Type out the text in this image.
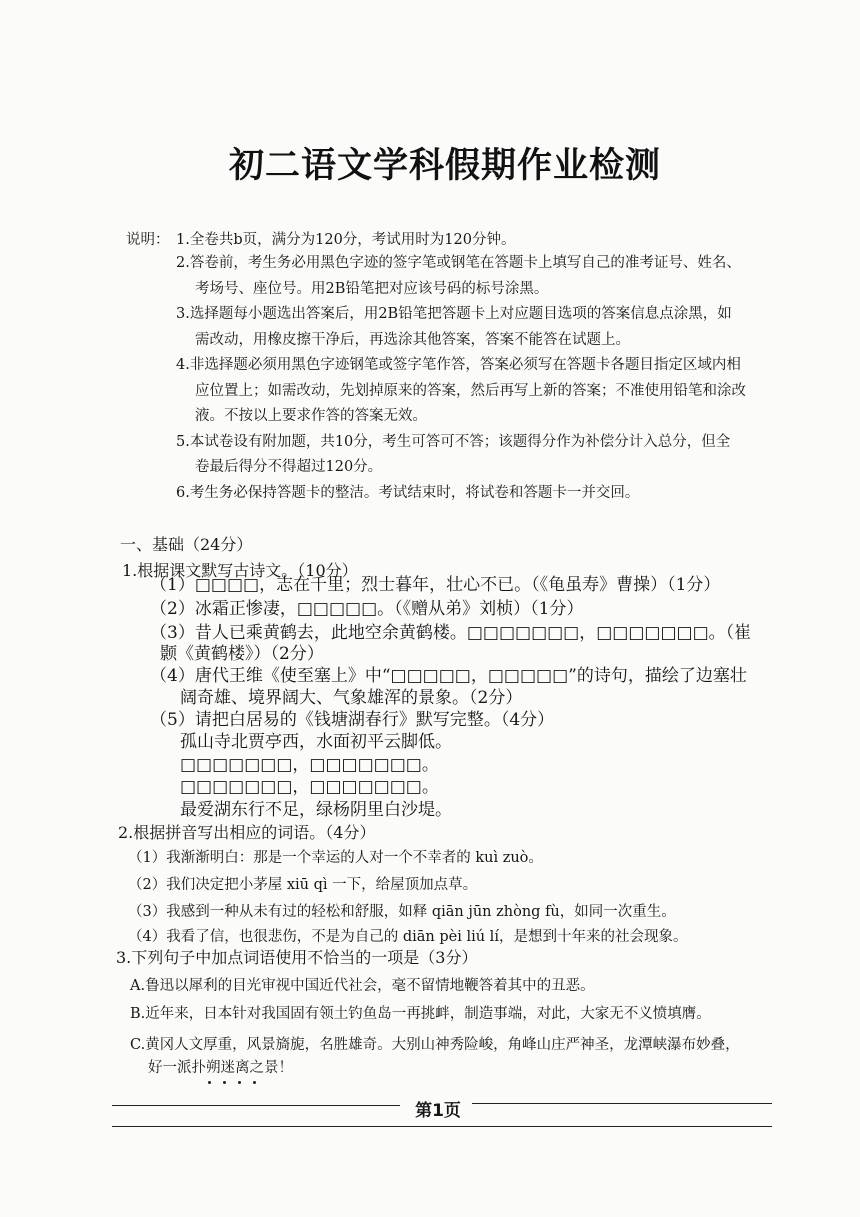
初二语文学科假期作业检测
说明： 1.全卷共b页，满分为120分，考试用时为120分钟。
2.答卷前，考生务必用黑色字迹的签字笔或钢笔在答题卡上填写自己的准考证号、姓名、
考场号、座位号。用2B铅笔把对应该号码的标号涂黑。
3.选择题每小题选出答案后，用2B铅笔把答题卡上对应题目选项的答案信息点涂黑，如
需改动，用橡皮擦干净后，再选涂其他答案，答案不能答在试题上。
4.非选择题必须用黑色字迹钢笔或签字笔作答，答案必须写在答题卡各题目指定区域内相
应位置上；如需改动，先划掉原来的答案，然后再写上新的答案；不准使用铅笔和涂改
液。不按以上要求作答的答案无效。
5.本试卷设有附加题，共10分，考生可答可不答；该题得分作为补偿分计入总分，但全
卷最后得分不得超过120分。
6.考生务必保持答题卡的整洁。考试结束时，将试卷和答题卡一并交回。
一、基础（24分）
1.根据课文默写古诗文。（10分）
（1）□□□□，志在千里；烈士暮年，壮心不已。（《龟虽寿》曹操）（1分）
（2）冰霜正惨凄，□□□□□。（《赠从弟》刘桢）（1分）
（3）昔人已乘黄鹤去，此地空余黄鹤楼。□□□□□□□，□□□□□□□。（崔
颢《黄鹤楼》）（2分）
（4）唐代王维《使至塞上》中“□□□□□，□□□□□”的诗句，描绘了边塞壮
阔奇雄、境界阔大、气象雄浑的景象。（2分）
（5）请把白居易的《钱塘湖春行》默写完整。（4分）
孤山寺北贾亭西，水面初平云脚低。
□□□□□□□，□□□□□□□。
□□□□□□□，□□□□□□□。
最爱湖东行不足，绿杨阴里白沙堤。
2.根据拼音写出相应的词语。（4分）
（1）我渐渐明白：那是一个幸运的人对一个不幸者的 kuì zuò。
（2）我们决定把小茅屋 xiū qì 一下，给屋顶加点草。
（3）我感到一种从未有过的轻松和舒服，如释 qiān jūn zhòng fù，如同一次重生。
（4）我看了信，也很悲伤，不是为自己的 diān pèi liú lí，是想到十年来的社会现象。
3.下列句子中加点词语使用不恰当的一项是（3分）
A.鲁迅以犀利的目光审视中国近代社会，毫不留情地鞭答着其中的丑恶。
B.近年来，日本针对我国固有领土钓鱼岛一再挑衅，制造事端，对此，大家无不义愤填膺。
C.黄冈人文厚重，风景旖旎，名胜雄奇。大别山神秀险峻，角峰山庄严神圣，龙潭峡瀑布妙叠，
好一派扑朔迷离之景！
第1页
